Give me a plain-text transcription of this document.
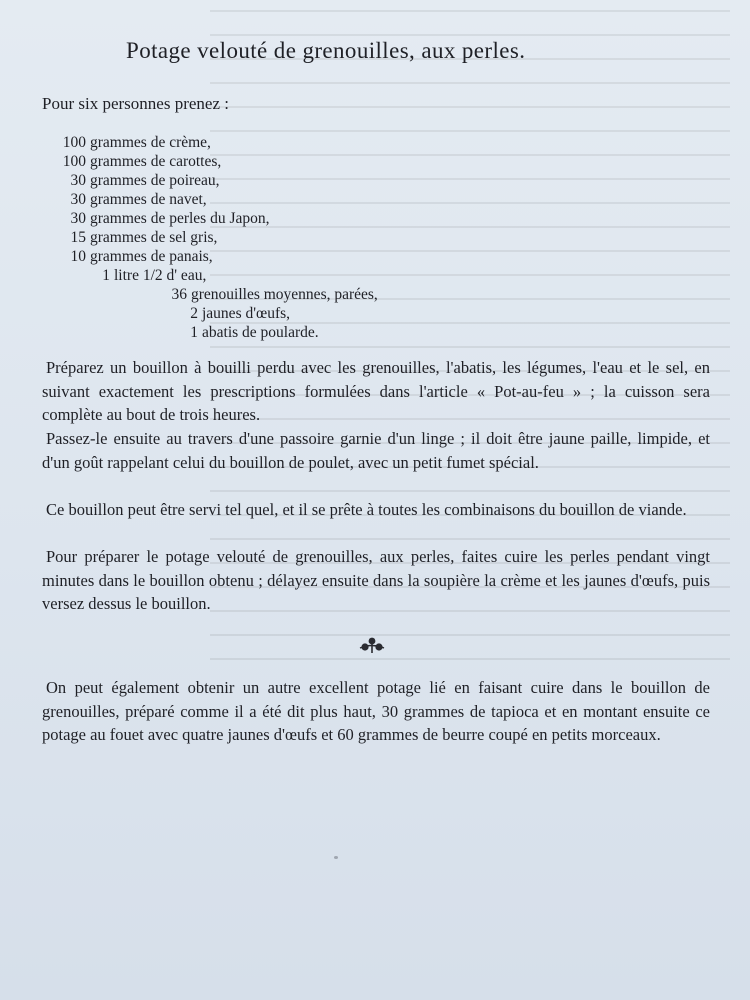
Potage velouté de grenouilles, aux perles.
Pour six personnes prenez :
100 grammes de crème,
100 grammes de carottes,
30 grammes de poireau,
30 grammes de navet,
30 grammes de perles du Japon,
15 grammes de sel gris,
10 grammes de panais,
1 litre 1/2 d' eau,
36 grenouilles moyennes, parées,
2 jaunes d'œufs,
1 abatis de poularde.

Préparez un bouillon à bouilli perdu avec les grenouilles, l'abatis, les légumes, l'eau et le sel, en suivant exactement les prescriptions formulées dans l'article « Pot-au-feu » ; la cuisson sera complète au bout de trois heures.

Passez-le ensuite au travers d'une passoire garnie d'un linge ; il doit être jaune paille, limpide, et d'un goût rappelant celui du bouillon de poulet, avec un petit fumet spécial.

Ce bouillon peut être servi tel quel, et il se prête à toutes les combinaisons du bouillon de viande.

Pour préparer le potage velouté de grenouilles, aux perles, faites cuire les perles pendant vingt minutes dans le bouillon obtenu ; délayez ensuite dans la soupière la crème et les jaunes d'œufs, puis versez dessus le bouillon.

On peut également obtenir un autre excellent potage lié en faisant cuire dans le bouillon de grenouilles, préparé comme il a été dit plus haut, 30 grammes de tapioca et en montant ensuite ce potage au fouet avec quatre jaunes d'œufs et 60 grammes de beurre coupé en petits morceaux.
